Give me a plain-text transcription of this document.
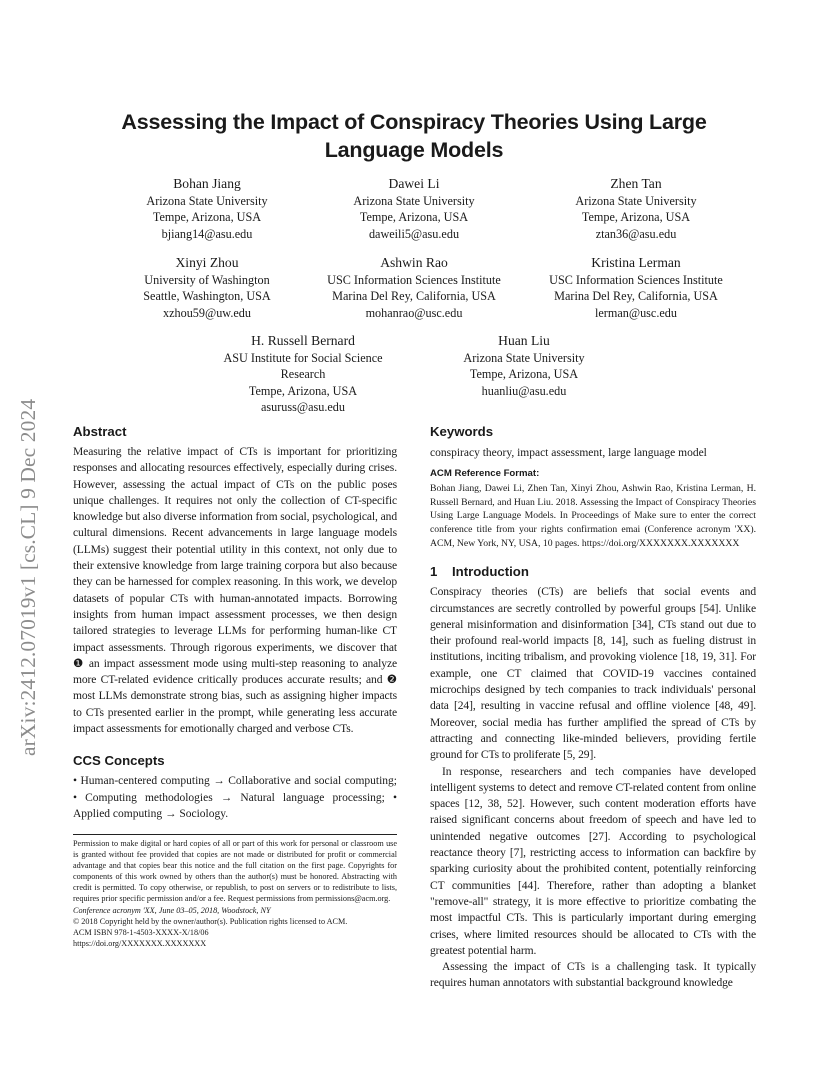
arXiv:2412.07019v1 [cs.CL] 9 Dec 2024
Assessing the Impact of Conspiracy Theories Using Large Language Models
Bohan Jiang
Arizona State University
Tempe, Arizona, USA
bjiang14@asu.edu
Dawei Li
Arizona State University
Tempe, Arizona, USA
daweili5@asu.edu
Zhen Tan
Arizona State University
Tempe, Arizona, USA
ztan36@asu.edu
Xinyi Zhou
University of Washington
Seattle, Washington, USA
xzhou59@uw.edu
Ashwin Rao
USC Information Sciences Institute
Marina Del Rey, California, USA
mohanrao@usc.edu
Kristina Lerman
USC Information Sciences Institute
Marina Del Rey, California, USA
lerman@usc.edu
H. Russell Bernard
ASU Institute for Social Science Research
Tempe, Arizona, USA
asuruss@asu.edu
Huan Liu
Arizona State University
Tempe, Arizona, USA
huanliu@asu.edu
Abstract

Measuring the relative impact of CTs is important for prioritizing responses and allocating resources effectively, especially during crises. However, assessing the actual impact of CTs on the public poses unique challenges. It requires not only the collection of CT-specific knowledge but also diverse information from social, psychological, and cultural dimensions. Recent advancements in large language models (LLMs) suggest their potential utility in this context, not only due to their extensive knowledge from large training corpora but also because they can be harnessed for complex reasoning. In this work, we develop datasets of popular CTs with human-annotated impacts. Borrowing insights from human impact assessment processes, we then design tailored strategies to leverage LLMs for performing human-like CT impact assessments. Through rigorous experiments, we discover that ❶ an impact assessment mode using multi-step reasoning to analyze more CT-related evidence critically produces accurate results; and ❷ most LLMs demonstrate strong bias, such as assigning higher impacts to CTs presented earlier in the prompt, while generating less accurate impact assessments for emotionally charged and verbose CTs.

CCS Concepts

• Human-centered computing → Collaborative and social computing; • Computing methodologies → Natural language processing; • Applied computing → Sociology.

Permission to make digital or hard copies of all or part of this work for personal or classroom use is granted without fee provided that copies are not made or distributed for profit or commercial advantage and that copies bear this notice and the full citation on the first page. Copyrights for components of this work owned by others than the author(s) must be honored. Abstracting with credit is permitted. To copy otherwise, or republish, to post on servers or to redistribute to lists, requires prior specific permission and/or a fee. Request permissions from permissions@acm.org.

Conference acronym 'XX, June 03–05, 2018, Woodstock, NY
© 2018 Copyright held by the owner/author(s). Publication rights licensed to ACM.
ACM ISBN 978-1-4503-XXXX-X/18/06
https://doi.org/XXXXXXX.XXXXXXX
Keywords

conspiracy theory, impact assessment, large language model

ACM Reference Format:

Bohan Jiang, Dawei Li, Zhen Tan, Xinyi Zhou, Ashwin Rao, Kristina Lerman, H. Russell Bernard, and Huan Liu. 2018. Assessing the Impact of Conspiracy Theories Using Large Language Models. In Proceedings of Make sure to enter the correct conference title from your rights confirmation emai (Conference acronym 'XX). ACM, New York, NY, USA, 10 pages. https://doi.org/XXXXXXX.XXXXXXX

1 Introduction

Conspiracy theories (CTs) are beliefs that social events and circumstances are secretly controlled by powerful groups [54]. Unlike general misinformation and disinformation [34], CTs stand out due to their profound real-world impacts [8, 14], such as fueling distrust in institutions, inciting tribalism, and provoking violence [18, 19, 31]. For example, one CT claimed that COVID-19 vaccines contained microchips designed by tech companies to track individuals' personal data [24], resulting in vaccine refusal and offline violence [48, 49]. Moreover, social media has further amplified the spread of CTs by attracting and connecting like-minded believers, providing fertile ground for CTs to proliferate [5, 29].

In response, researchers and tech companies have developed intelligent systems to detect and remove CT-related content from online spaces [12, 38, 52]. However, such content moderation efforts have raised significant concerns about freedom of speech and have led to unintended negative outcomes [27]. According to psychological reactance theory [7], restricting access to information can backfire by sparking curiosity about the prohibited content, potentially reinforcing CT communities [44]. Therefore, rather than adopting a blanket "remove-all" strategy, it is more effective to prioritize combating the most impactful CTs. This is particularly important during emerging crises, where limited resources should be allocated to CTs with the greatest potential harm.

Assessing the impact of CTs is a challenging task. It typically requires human annotators with substantial background knowledge
